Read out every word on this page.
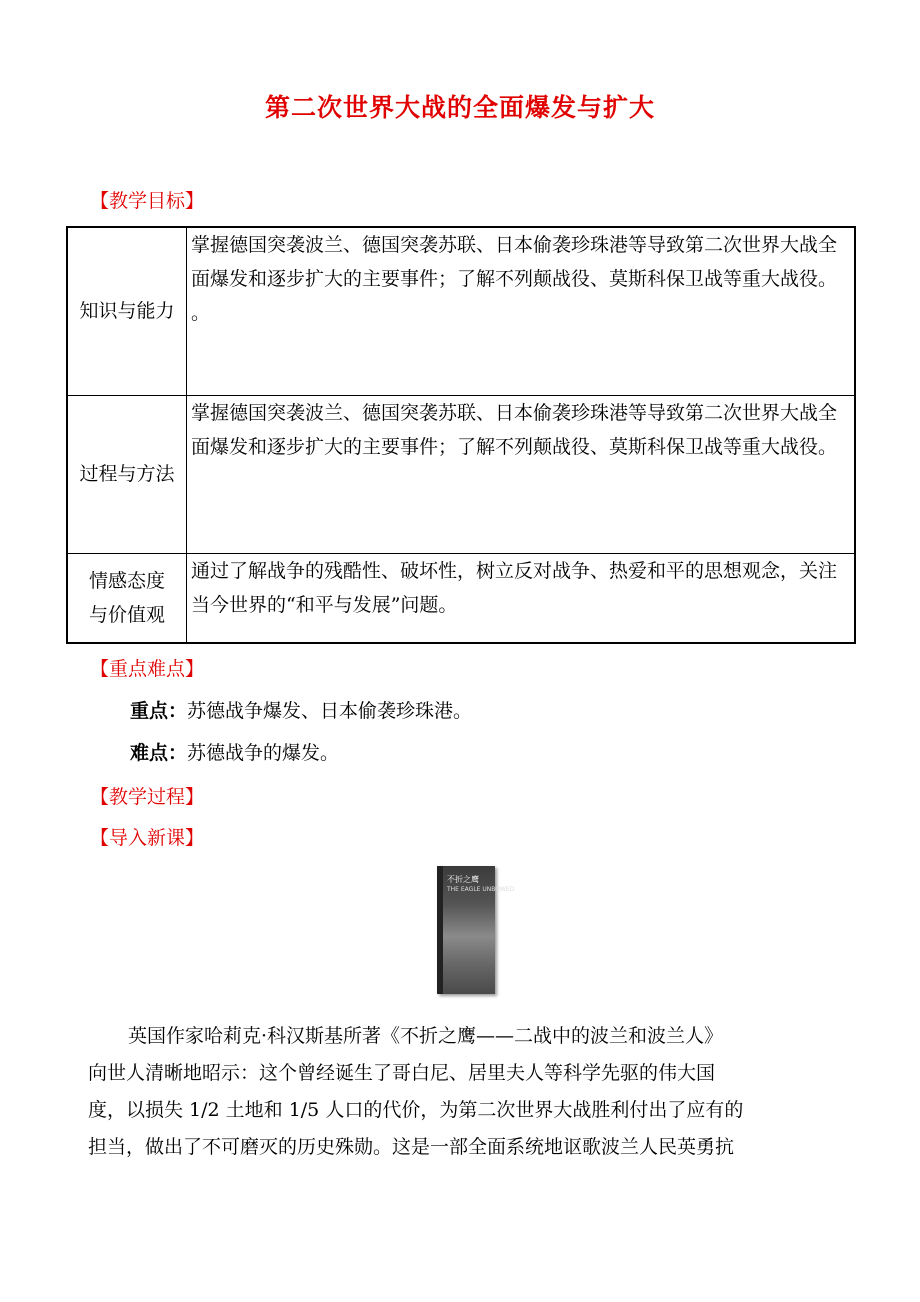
第二次世界大战的全面爆发与扩大
【教学目标】
知识与能力	掌握德国突袭波兰、德国突袭苏联、日本偷袭珍珠港等导致第二次世界大战全面爆发和逐步扩大的主要事件；了解不列颠战役、莫斯科保卫战等重大战役。
。

过程与方法	掌握德国突袭波兰、德国突袭苏联、日本偷袭珍珠港等导致第二次世界大战全面爆发和逐步扩大的主要事件；了解不列颠战役、莫斯科保卫战等重大战役。

情感态度
与价值观	通过了解战争的残酷性、破坏性，树立反对战争、热爱和平的思想观念，关注当今世界的“和平与发展”问题。
【重点难点】
重点：苏德战争爆发、日本偷袭珍珠港。
难点：苏德战争的爆发。
【教学过程】
【导入新课】
不折之鹰
THE EAGLE UNBOWED
英国作家哈莉克·科汉斯基所著《不折之鹰——二战中的波兰和波兰人》
向世人清晰地昭示：这个曾经诞生了哥白尼、居里夫人等科学先驱的伟大国
度，以损失 1/2 土地和 1/5 人口的代价，为第二次世界大战胜利付出了应有的
担当，做出了不可磨灭的历史殊勋。这是一部全面系统地讴歌波兰人民英勇抗
